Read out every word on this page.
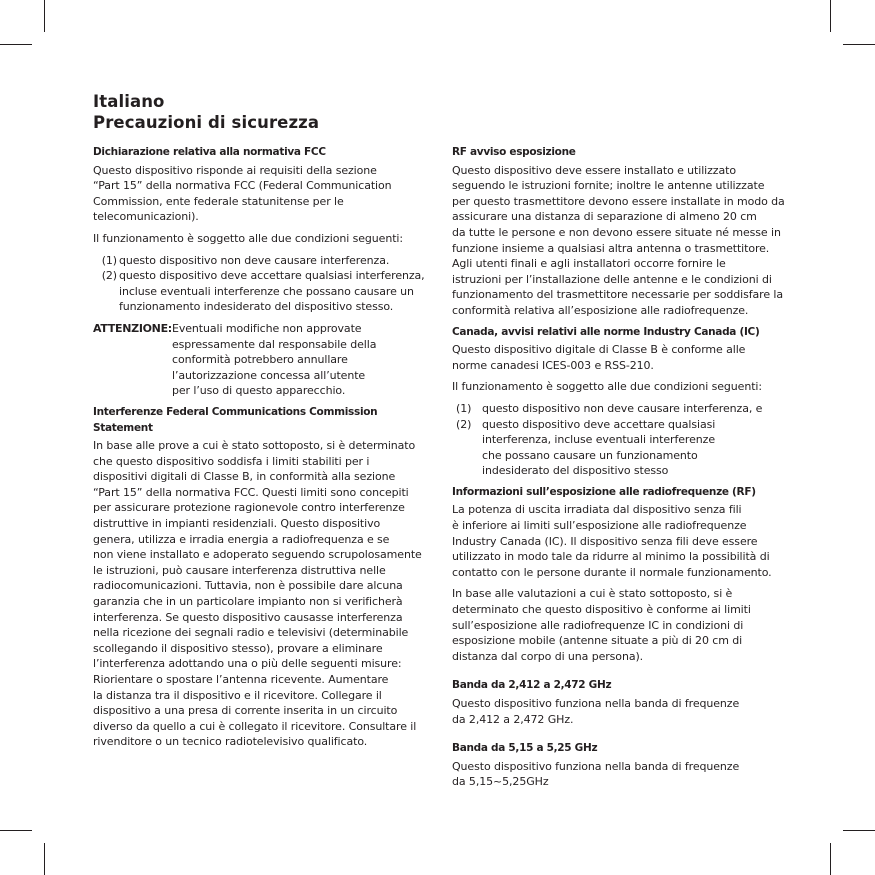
Italiano
Precauzioni di sicurezza
Dichiarazione relativa alla normativa FCC
Questo dispositivo risponde ai requisiti della sezione
“Part 15” della normativa FCC (Federal Communication
Commission, ente federale statunitense per le
telecomunicazioni).
Il funzionamento è soggetto alle due condizioni seguenti:
(1) questo dispositivo non deve causare interferenza.
(2) questo dispositivo deve accettare qualsiasi interferenza,
incluse eventuali interferenze che possano causare un
funzionamento indesiderato del dispositivo stesso.
ATTENZIONE: Eventuali modifiche non approvate
espressamente dal responsabile della
conformità potrebbero annullare
l’autorizzazione concessa all’utente
per l’uso di questo apparecchio.
Interferenze Federal Communications Commission Statement
In base alle prove a cui è stato sottoposto, si è determinato
che questo dispositivo soddisfa i limiti stabiliti per i
dispositivi digitali di Classe B, in conformità alla sezione
“Part 15” della normativa FCC. Questi limiti sono concepiti
per assicurare protezione ragionevole contro interferenze
distruttive in impianti residenziali. Questo dispositivo
genera, utilizza e irradia energia a radiofrequenza e se
non viene installato e adoperato seguendo scrupolosamente
le istruzioni, può causare interferenza distruttiva nelle
radiocomunicazioni. Tuttavia, non è possibile dare alcuna
garanzia che in un particolare impianto non si verificherà
interferenza. Se questo dispositivo causasse interferenza
nella ricezione dei segnali radio e televisivi (determinabile
scollegando il dispositivo stesso), provare a eliminare
l’interferenza adottando una o più delle seguenti misure:
Riorientare o spostare l’antenna ricevente. Aumentare
la distanza tra il dispositivo e il ricevitore. Collegare il
dispositivo a una presa di corrente inserita in un circuito
diverso da quello a cui è collegato il ricevitore. Consultare il
rivenditore o un tecnico radiotelevisivo qualificato.
RF avviso esposizione
Questo dispositivo deve essere installato e utilizzato
seguendo le istruzioni fornite; inoltre le antenne utilizzate
per questo trasmettitore devono essere installate in modo da
assicurare una distanza di separazione di almeno 20 cm
da tutte le persone e non devono essere situate né messe in
funzione insieme a qualsiasi altra antenna o trasmettitore.
Agli utenti finali e agli installatori occorre fornire le
istruzioni per l’installazione delle antenne e le condizioni di
funzionamento del trasmettitore necessarie per soddisfare la
conformità relativa all’esposizione alle radiofrequenze.
Canada, avvisi relativi alle norme Industry Canada (IC)
Questo dispositivo digitale di Classe B è conforme alle
norme canadesi ICES-003 e RSS-210.
Il funzionamento è soggetto alle due condizioni seguenti:
(1) questo dispositivo non deve causare interferenza, e
(2) questo dispositivo deve accettare qualsiasi
interferenza, incluse eventuali interferenze
che possano causare un funzionamento
indesiderato del dispositivo stesso
Informazioni sull’esposizione alle radiofrequenze (RF)
La potenza di uscita irradiata dal dispositivo senza fili
è inferiore ai limiti sull’esposizione alle radiofrequenze
Industry Canada (IC). Il dispositivo senza fili deve essere
utilizzato in modo tale da ridurre al minimo la possibilità di
contatto con le persone durante il normale funzionamento.
In base alle valutazioni a cui è stato sottoposto, si è
determinato che questo dispositivo è conforme ai limiti
sull’esposizione alle radiofrequenze IC in condizioni di
esposizione mobile (antenne situate a più di 20 cm di
distanza dal corpo di una persona).
Banda da 2,412 a 2,472 GHz
Questo dispositivo funziona nella banda di frequenze
da 2,412 a 2,472 GHz.
Banda da 5,15 a 5,25 GHz
Questo dispositivo funziona nella banda di frequenze
da 5,15~5,25GHz
